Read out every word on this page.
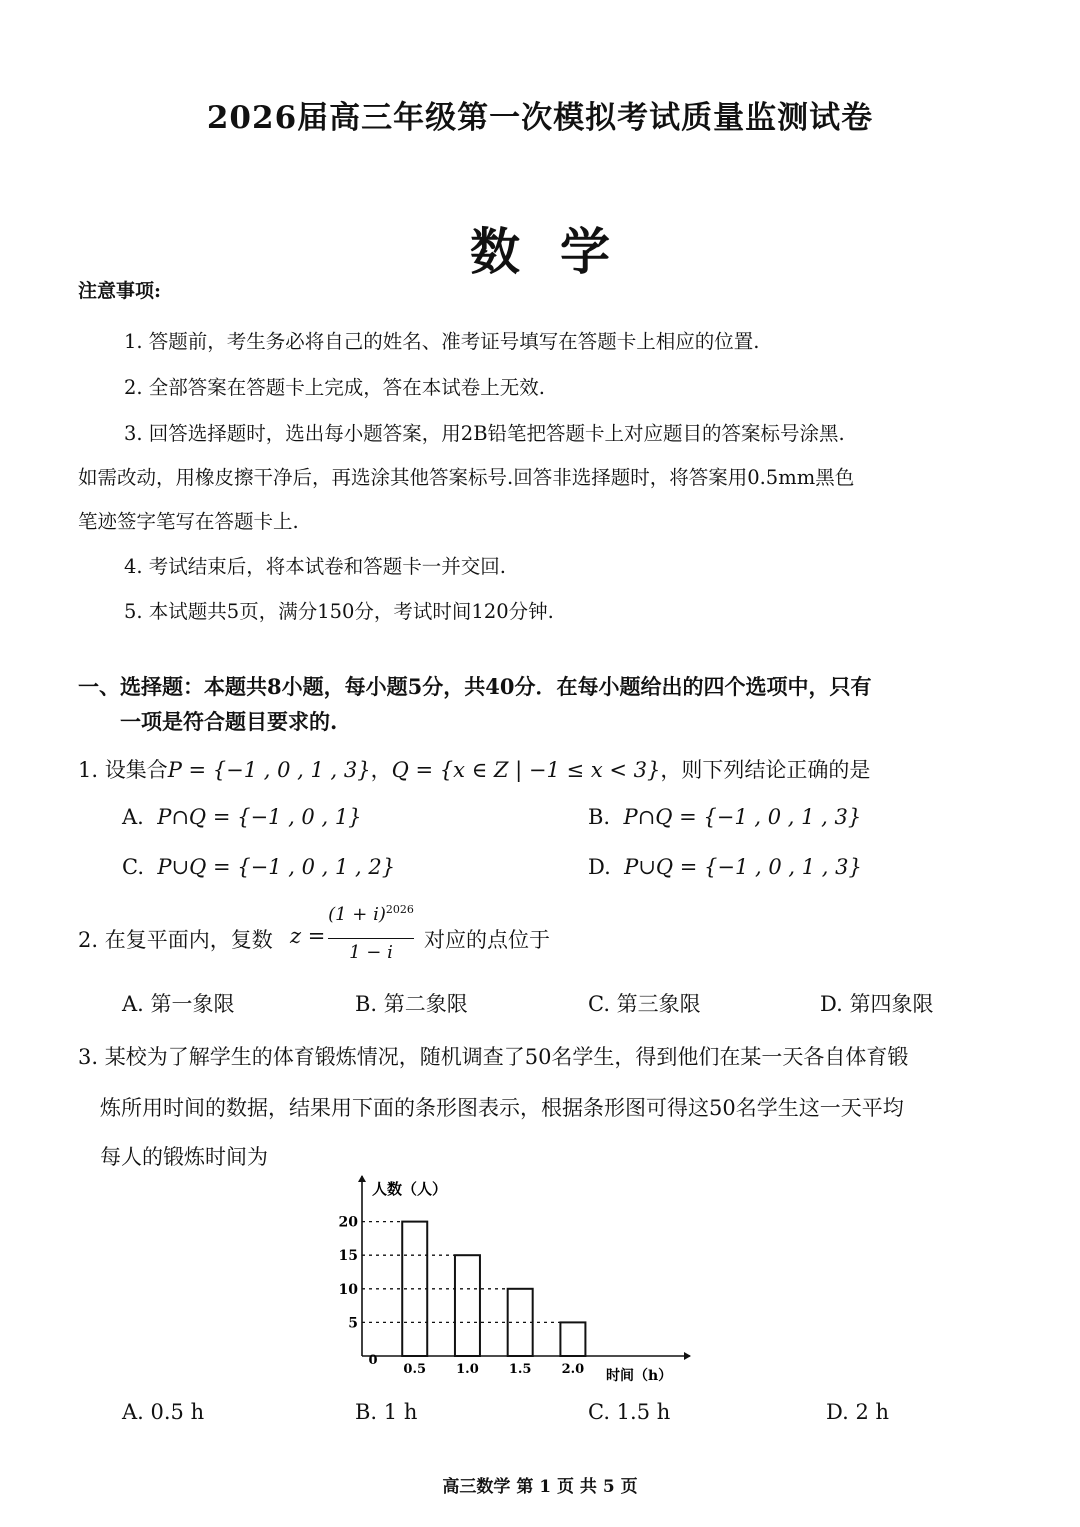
2026届高三年级第一次模拟考试质量监测试卷
数学
注意事项:
1. 答题前，考生务必将自己的姓名、准考证号填写在答题卡上相应的位置.
2. 全部答案在答题卡上完成，答在本试卷上无效.
3. 回答选择题时，选出每小题答案，用2B铅笔把答题卡上对应题目的答案标号涂黑.
如需改动，用橡皮擦干净后，再选涂其他答案标号.回答非选择题时，将答案用0.5mm黑色
笔迹签字笔写在答题卡上.
4. 考试结束后，将本试卷和答题卡一并交回.
5. 本试题共5页，满分150分，考试时间120分钟.
一、选择题：本题共8小题，每小题5分，共40分．在每小题给出的四个选项中，只有
一项是符合题目要求的.
1. 设集合P = {−1 , 0 , 1 , 3}，Q = {x ∈ Z | −1 ≤ x < 3}，则下列结论正确的是
A. P∩Q = {−1 , 0 , 1}	B. P∩Q = {−1 , 0 , 1 , 3}
C. P∪Q = {−1 , 0 , 1 , 2}	D. P∪Q = {−1 , 0 , 1 , 3}
2. 在复平面内，复数 z =
$(1 + i)^{2026}$
1 − i
对应的点位于
A. 第一象限	B. 第二象限	C. 第三象限	D. 第四象限
3. 某校为了解学生的体育锻炼情况，随机调查了50名学生，得到他们在某一天各自体育锻
炼所用时间的数据，结果用下面的条形图表示，根据条形图可得这50名学生这一天平均
每人的锻炼时间为
人数（人）
时间（h）
0
0.5 1.0 1.5 2.0
5
10
15
20
A. 0.5 h	B. 1 h	C. 1.5 h	D. 2 h
高三数学 第 1 页 共 5 页
